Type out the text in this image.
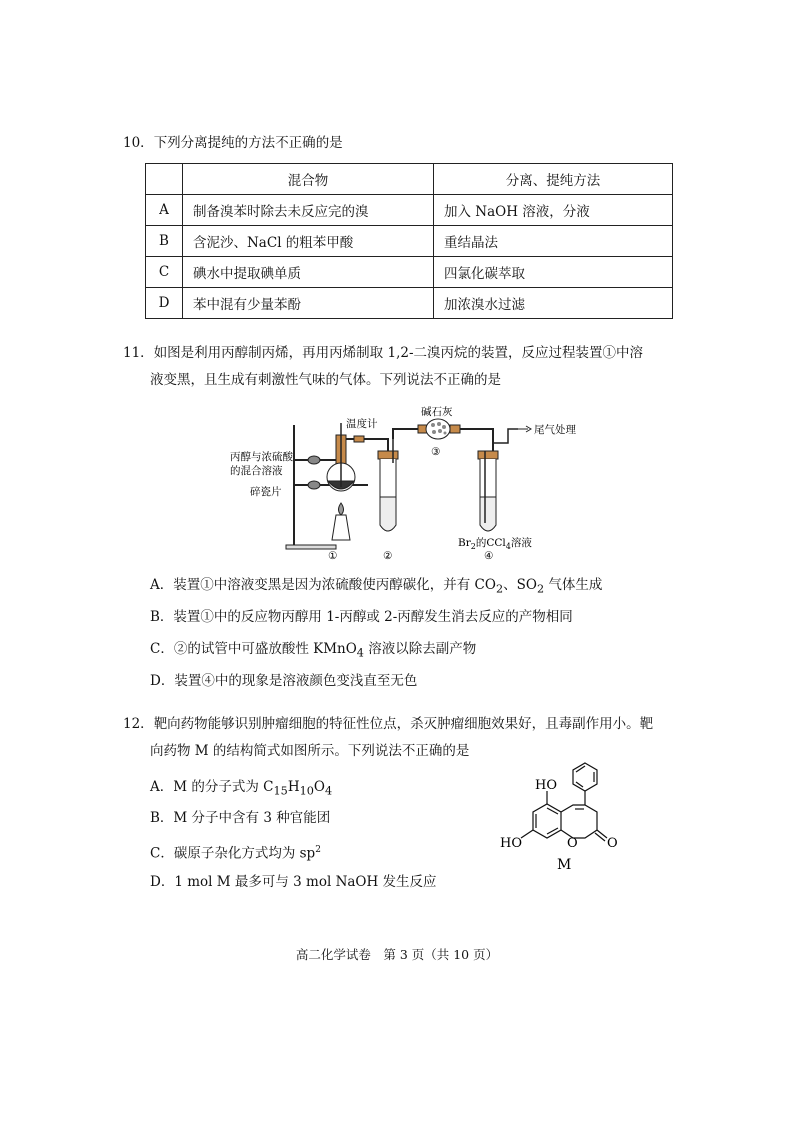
10．下列分离提纯的方法不正确的是
	混合物	分离、提纯方法
A	制备溴苯时除去未反应完的溴	加入 NaOH 溶液，分液
B	含泥沙、NaCl 的粗苯甲酸	重结晶法
C	碘水中提取碘单质	四氯化碳萃取
D	苯中混有少量苯酚	加浓溴水过滤
11．如图是利用丙醇制丙烯，再用丙烯制取 1,2-二溴丙烷的装置，反应过程装置①中溶
液变黑，且生成有刺激性气味的气体。下列说法不正确的是
温度计
碱石灰
尾气处理
丙醇与浓硫酸
的混合溶液
碎瓷片
$Br_2$的CCl$_4$溶液
①	②
③
④
A．装置①中溶液变黑是因为浓硫酸使丙醇碳化，并有 $CO_2$、$SO_2$ 气体生成
B．装置①中的反应物丙醇用 1-丙醇或 2-丙醇发生消去反应的产物相同
C．②的试管中可盛放酸性 KMnO$_4$ 溶液以除去副产物
D．装置④中的现象是溶液颜色变浅直至无色
12．靶向药物能够识别肿瘤细胞的特征性位点，杀灭肿瘤细胞效果好，且毒副作用小。靶
向药物 M 的结构简式如图所示。下列说法不正确的是
A．M 的分子式为 $C_{15}H_{10}O_4$
B．M 分子中含有 3 种官能团
C．碳原子杂化方式均为 $sp^2$
D．1 mol M 最多可与 3 mol NaOH 发生反应
HO
HO	O O
M
高二化学试卷　第 3 页（共 10 页）
